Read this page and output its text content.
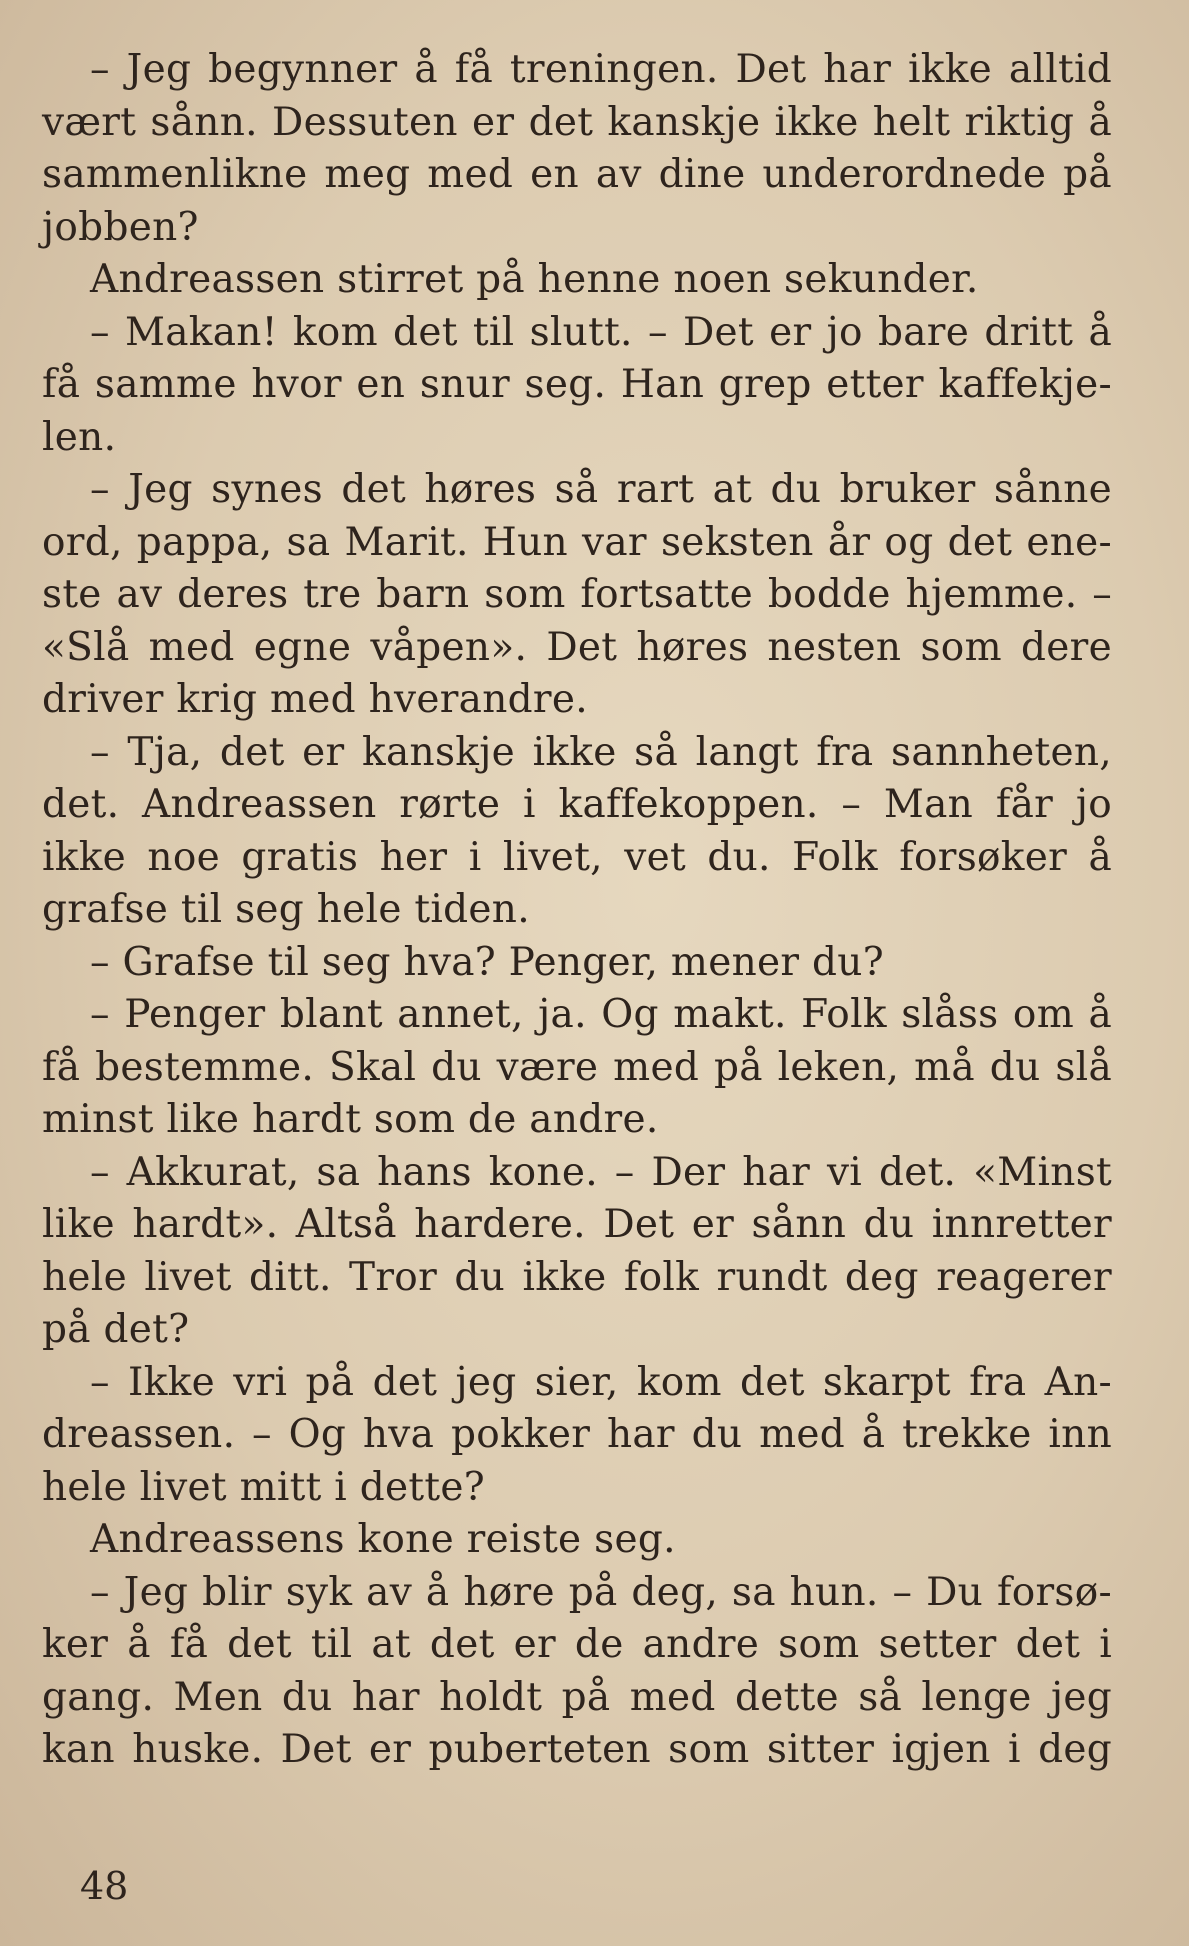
– Jeg begynner å få treningen. Det har ikke alltid
vært sånn. Dessuten er det kanskje ikke helt riktig å
sammenlikne meg med en av dine underordnede på
jobben?
Andreassen stirret på henne noen sekunder.
– Makan! kom det til slutt. – Det er jo bare dritt å
få samme hvor en snur seg. Han grep etter kaffekje-
len.
– Jeg synes det høres så rart at du bruker sånne
ord, pappa, sa Marit. Hun var seksten år og det ene-
ste av deres tre barn som fortsatte bodde hjemme. –
«Slå med egne våpen». Det høres nesten som dere
driver krig med hverandre.
– Tja, det er kanskje ikke så langt fra sannheten,
det. Andreassen rørte i kaffekoppen. – Man får jo
ikke noe gratis her i livet, vet du. Folk forsøker å
grafse til seg hele tiden.
– Grafse til seg hva? Penger, mener du?
– Penger blant annet, ja. Og makt. Folk slåss om å
få bestemme. Skal du være med på leken, må du slå
minst like hardt som de andre.
– Akkurat, sa hans kone. – Der har vi det. «Minst
like hardt». Altså hardere. Det er sånn du innretter
hele livet ditt. Tror du ikke folk rundt deg reagerer
på det?
– Ikke vri på det jeg sier, kom det skarpt fra An-
dreassen. – Og hva pokker har du med å trekke inn
hele livet mitt i dette?
Andreassens kone reiste seg.
– Jeg blir syk av å høre på deg, sa hun. – Du forsø-
ker å få det til at det er de andre som setter det i
gang. Men du har holdt på med dette så lenge jeg
kan huske. Det er puberteten som sitter igjen i deg
48
